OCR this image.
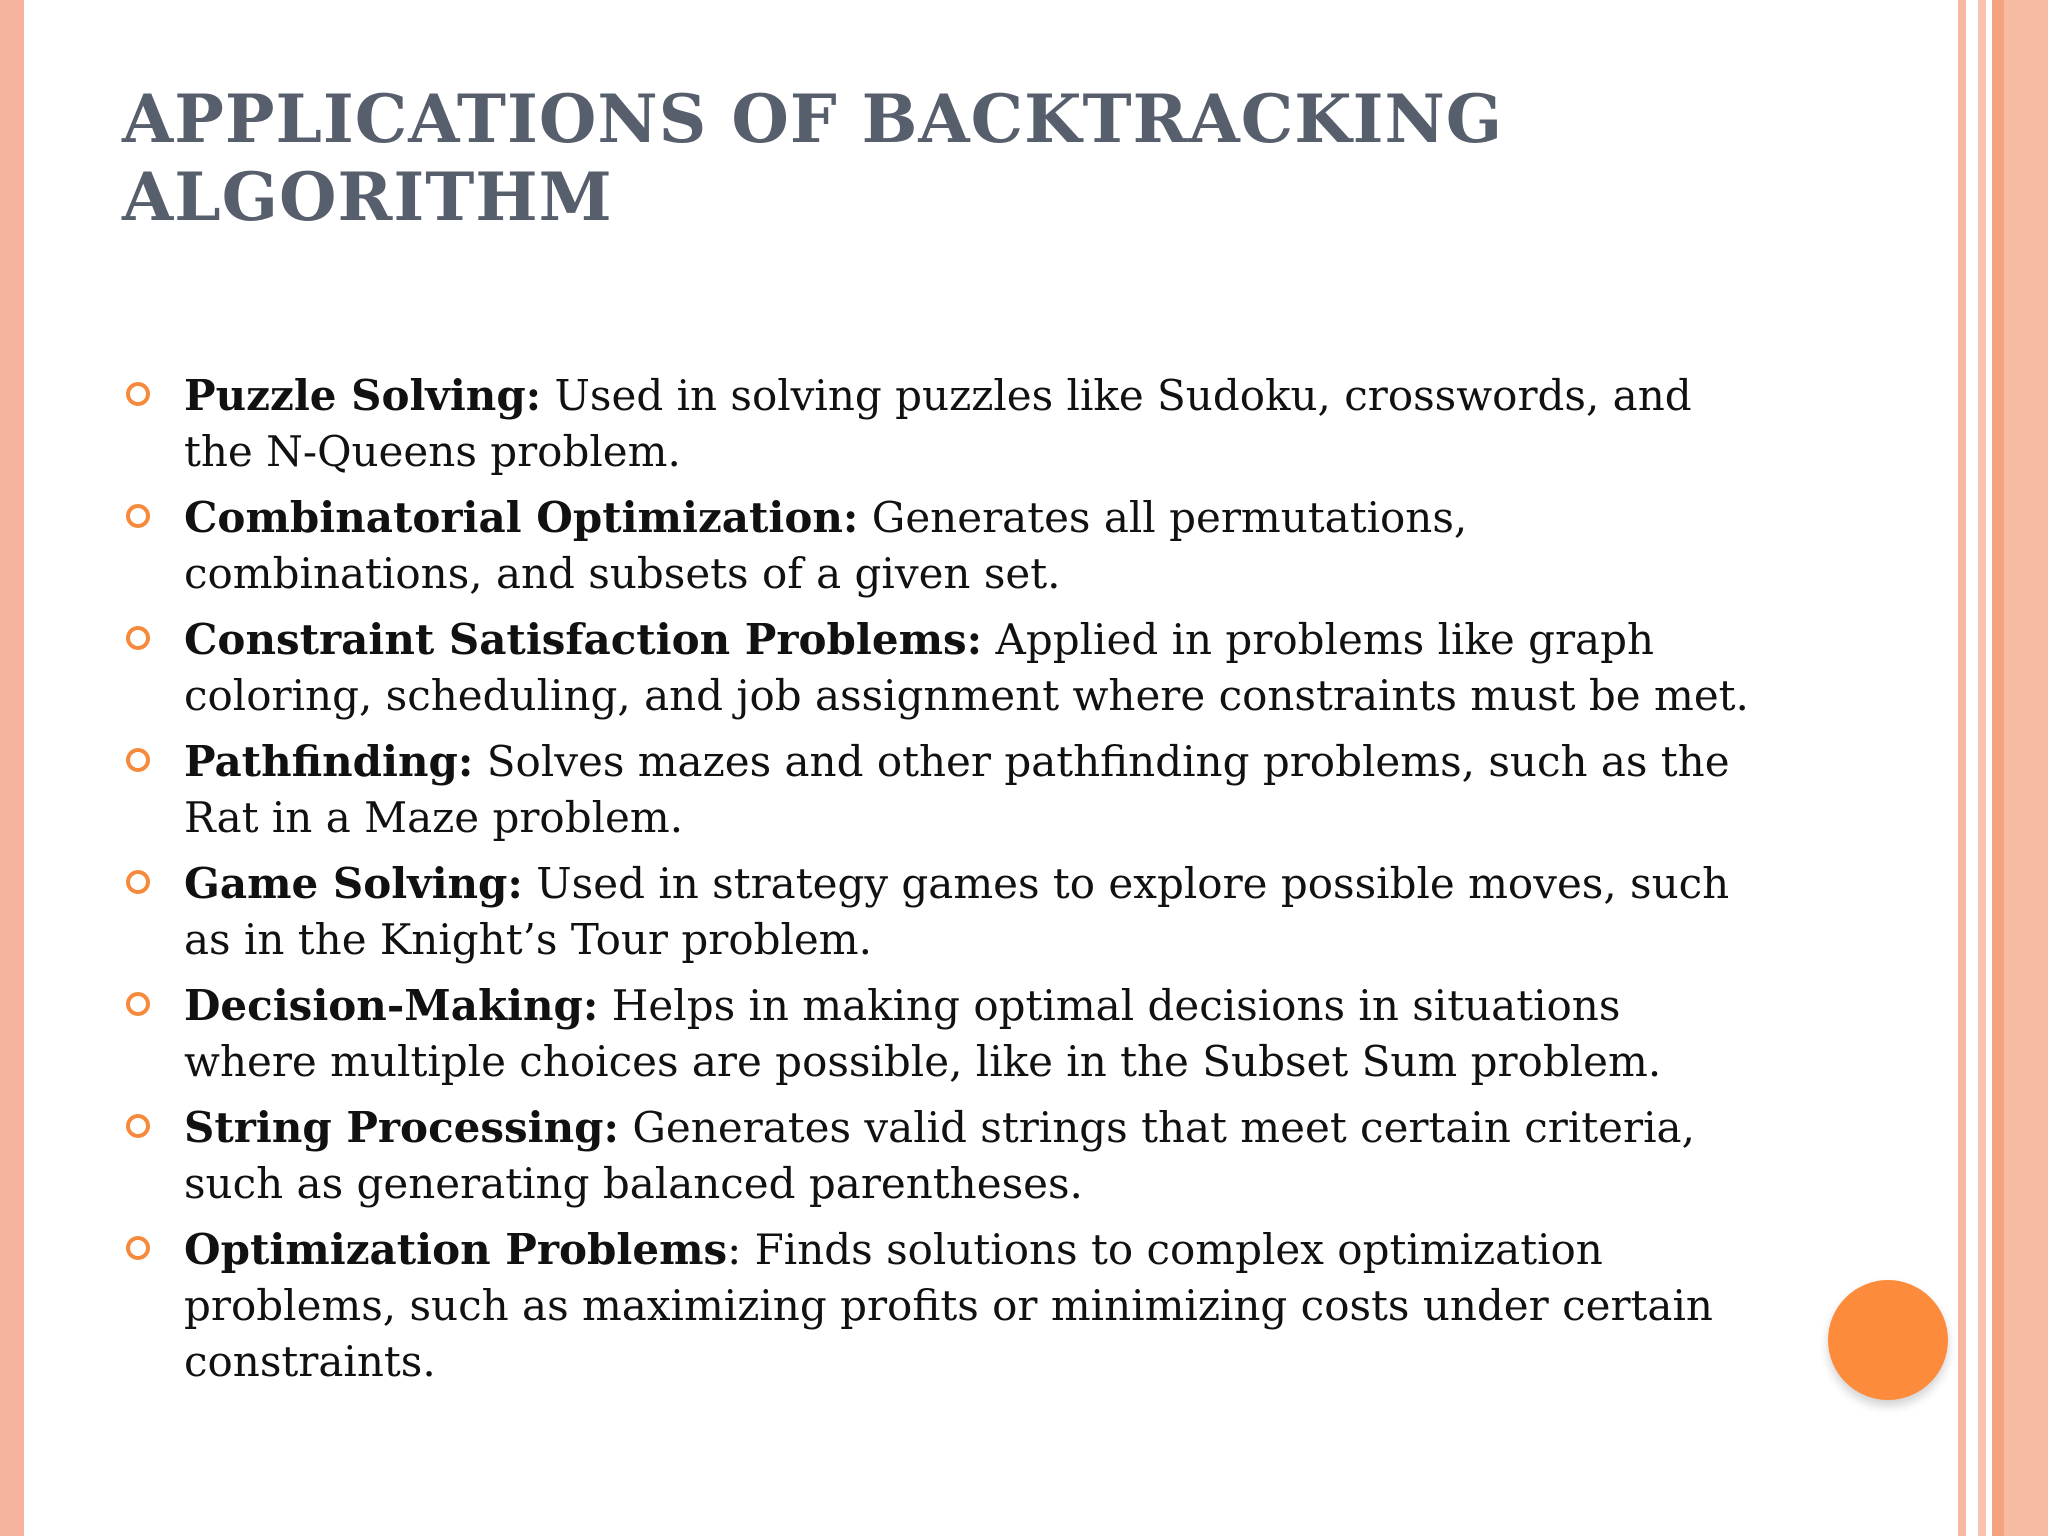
APPLICATIONS OF BACKTRACKING ALGORITHM
Puzzle Solving: Used in solving puzzles like Sudoku, crosswords, and the N-Queens problem.
Combinatorial Optimization: Generates all permutations, combinations, and subsets of a given set.
Constraint Satisfaction Problems: Applied in problems like graph coloring, scheduling, and job assignment where constraints must be met.
Pathfinding: Solves mazes and other pathfinding problems, such as the Rat in a Maze problem.
Game Solving: Used in strategy games to explore possible moves, such as in the Knight’s Tour problem.
Decision-Making: Helps in making optimal decisions in situations where multiple choices are possible, like in the Subset Sum problem.
String Processing: Generates valid strings that meet certain criteria, such as generating balanced parentheses.
Optimization Problems: Finds solutions to complex optimization problems, such as maximizing profits or minimizing costs under certain constraints.
